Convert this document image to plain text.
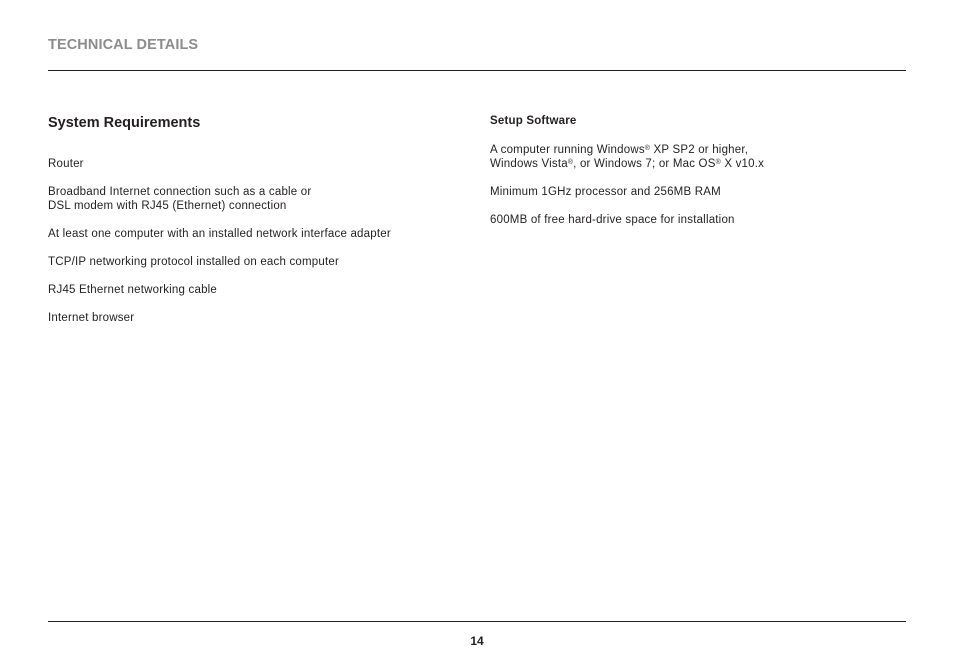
TECHNICAL DETAILS
System Requirements
Router
Broadband Internet connection such as a cable or
DSL modem with RJ45 (Ethernet) connection
At least one computer with an installed network interface adapter
TCP/IP networking protocol installed on each computer
RJ45 Ethernet networking cable
Internet browser
Setup Software
A computer running Windows® XP SP2 or higher,
Windows Vista®, or Windows 7; or Mac OS® X v10.x
Minimum 1GHz processor and 256MB RAM
600MB of free hard-drive space for installation
14
